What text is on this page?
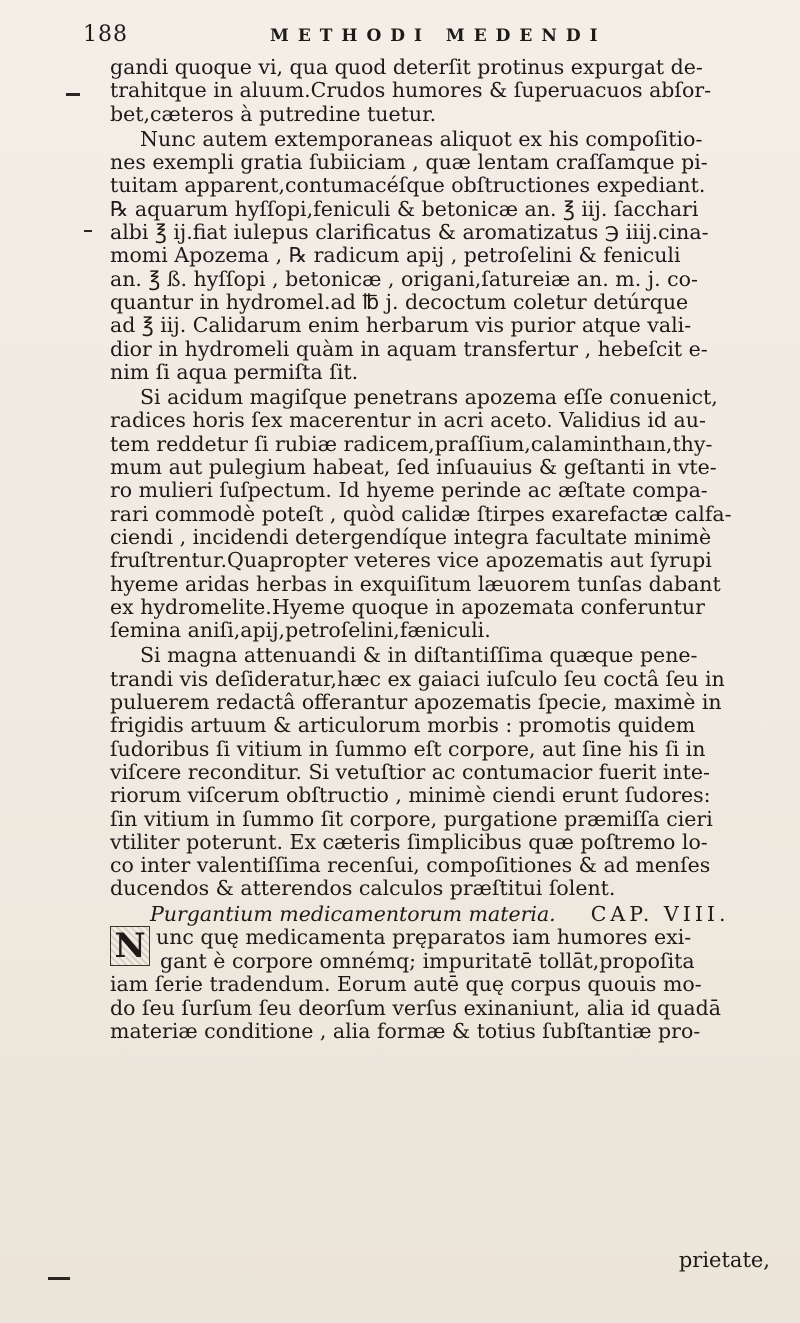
188	METHODI MEDENDI
gandi quoque vi, qua quod deterſit protinus expurgat de-
trahitque in aluum.Crudos humores & ſuperuacuos abſor-
bet,cæteros à putredine tuetur.
Nunc autem extemporaneas aliquot ex his compoſitio-
nes exempli gratia ſubiiciam , quæ lentam craſſamque pi-
tuitam apparent,contumacéſque obſtructiones expediant.
℞ aquarum hyſſopi,feniculi & betonicæ an. ℥ iij. ſacchari
albi ℥ ij.fiat iulepus clarificatus & aromatizatus ℈ iiij.cina-
momi Apozema , ℞ radicum apij , petroſelini & feniculi
an. ℥ ß. hyſſopi , betonicæ , origani,ſatureiæ an. m. j. co-
quantur in hydromel.ad ℔ j. decoctum coletur detúrque
ad ℥ iij. Calidarum enim herbarum vis purior atque vali-
dior in hydromeli quàm in aquam transfertur , hebeſcit e-
nim ſi aqua permiſta ſit.
Si acidum magiſque penetrans apozema eſſe conuenict,
radices horis ſex macerentur in acri aceto. Validius id au-
tem reddetur ſi rubiæ radicem,praſſium,calaminthaın,thy-
mum aut pulegium habeat, ſed inſuauius & geſtanti in vte-
ro mulieri ſuſpectum. Id hyeme perinde ac æſtate compa-
rari commodè poteſt , quòd calidæ ſtirpes exarefactæ calfa-
ciendi , incidendi detergendíque integra facultate minimè
fruſtrentur.Quapropter veteres vice apozematis aut ſyrupi
hyeme aridas herbas in exquiſitum læuorem tunſas dabant
ex hydromelite.Hyeme quoque in apozemata conferuntur
ſemina aniſi,apij,petroſelini,fæniculi.
Si magna attenuandi & in diſtantiſſima quæque pene-
trandi vis deſideratur,hæc ex gaiaci iuſculo ſeu coctâ ſeu in
puluerem redactâ offerantur apozematis ſpecie, maximè in
frigidis artuum & articulorum morbis : promotis quidem
ſudoribus ſi vitium in ſummo eſt corpore, aut ſine his ſi in
viſcere reconditur. Si vetuſtior ac contumacior fuerit inte-
riorum viſcerum obſtructio , minimè ciendi erunt ſudores:
ſin vitium in ſummo ſit corpore, purgatione præmiſſa cieri
vtiliter poterunt. Ex cæteris ſimplicibus quæ poſtremo lo-
co inter valentiſſima recenſui, compoſitiones & ad menſes
ducendos & atterendos calculos præſtitui ſolent.
Purgantium medicamentorum materia. CAP. VIII.
N unc quę medicamenta pręparatos iam humores exi-
gant è corpore omnémq; impuritatē tollāt,propoſita
iam ſerie tradendum. Eorum autē quę corpus quouis mo-
do ſeu ſurſum ſeu deorſum verſus exinaniunt, alia id quadā
materiæ conditione , alia formæ & totius ſubſtantiæ pro-
prietate,
